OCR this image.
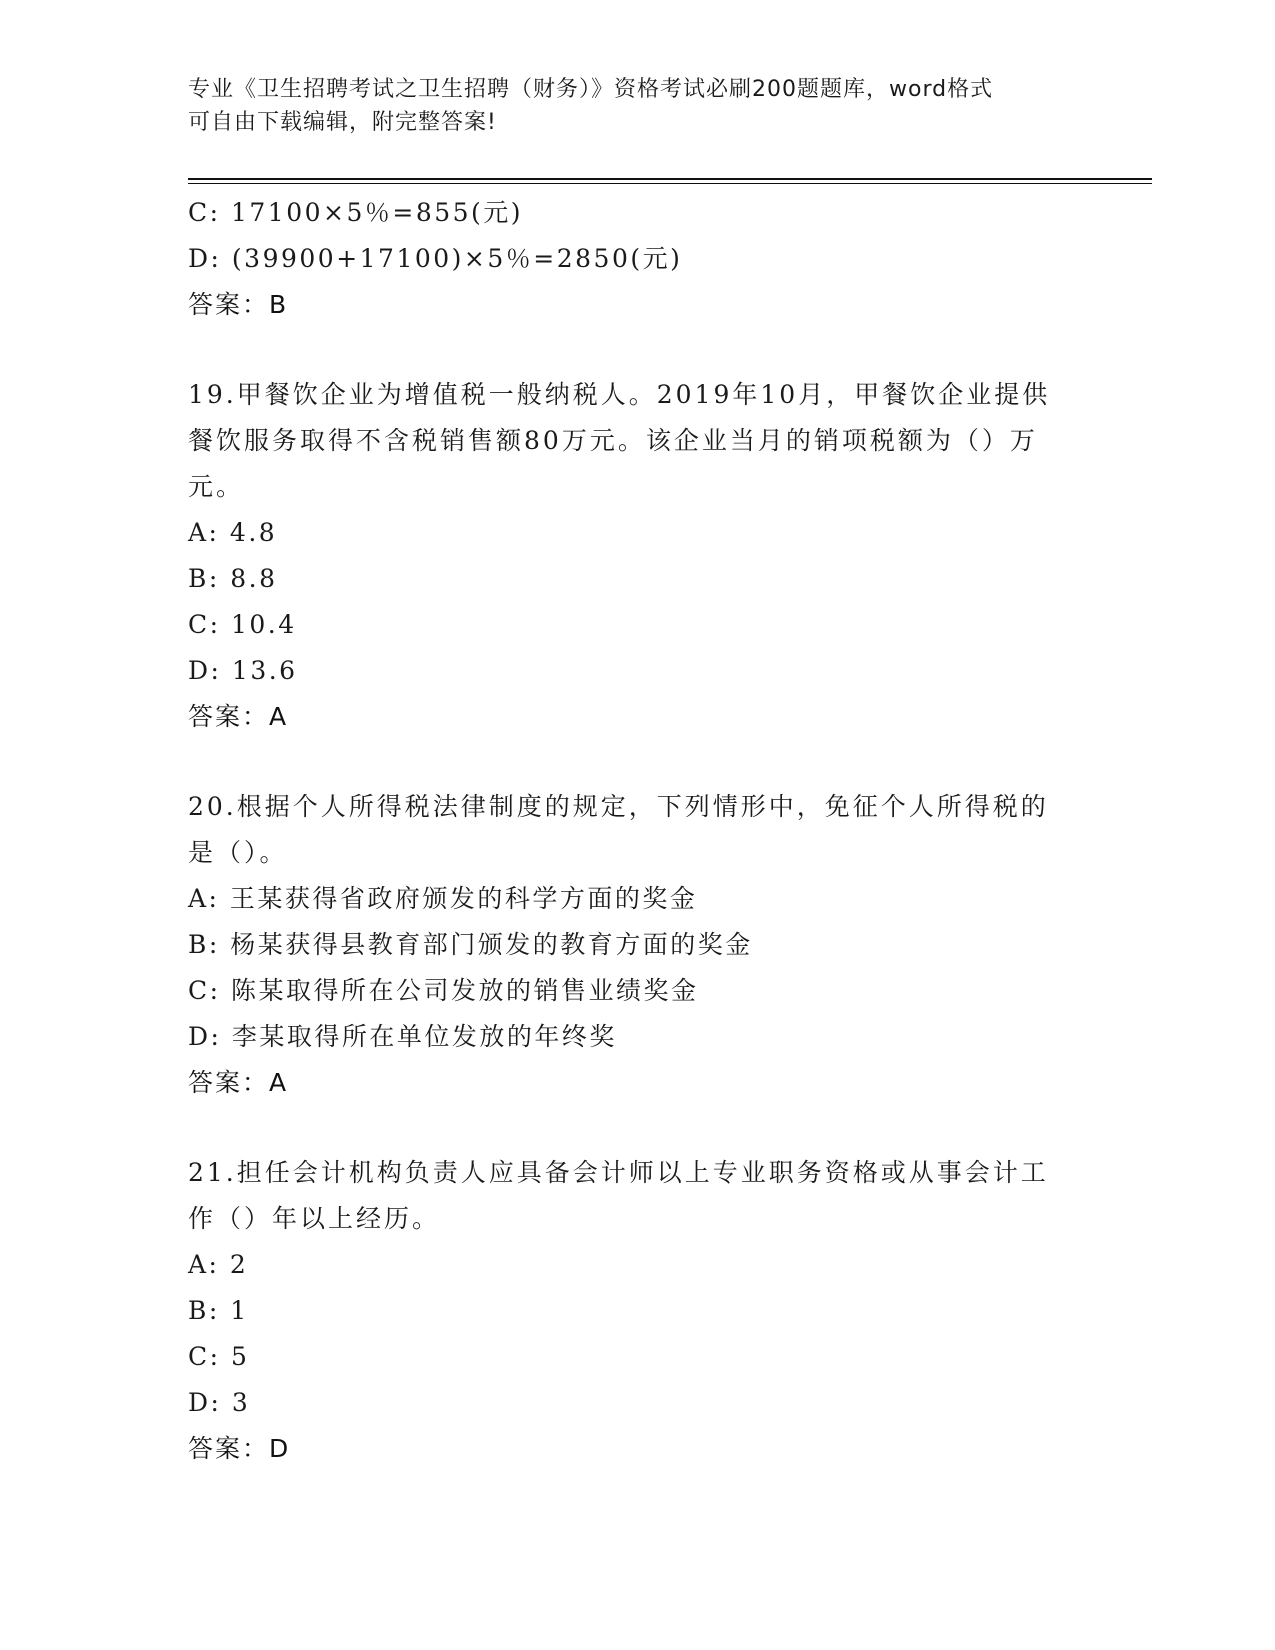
专业《卫生招聘考试之卫生招聘（财务）》资格考试必刷200题题库，word格式
可自由下载编辑，附完整答案!
C: 17100×5％=855(元)
D: (39900+17100)×5％=2850(元)
答案：B
19.甲餐饮企业为增值税一般纳税人。2019年10月，甲餐饮企业提供
餐饮服务取得不含税销售额80万元。该企业当月的销项税额为（）万
元。
A: 4.8
B: 8.8
C: 10.4
D: 13.6
答案：A
20.根据个人所得税法律制度的规定，下列情形中，免征个人所得税的
是（）。
A: 王某获得省政府颁发的科学方面的奖金
B: 杨某获得县教育部门颁发的教育方面的奖金
C: 陈某取得所在公司发放的销售业绩奖金
D: 李某取得所在单位发放的年终奖
答案：A
21.担任会计机构负责人应具备会计师以上专业职务资格或从事会计工
作（）年以上经历。
A: 2
B: 1
C: 5
D: 3
答案：D
